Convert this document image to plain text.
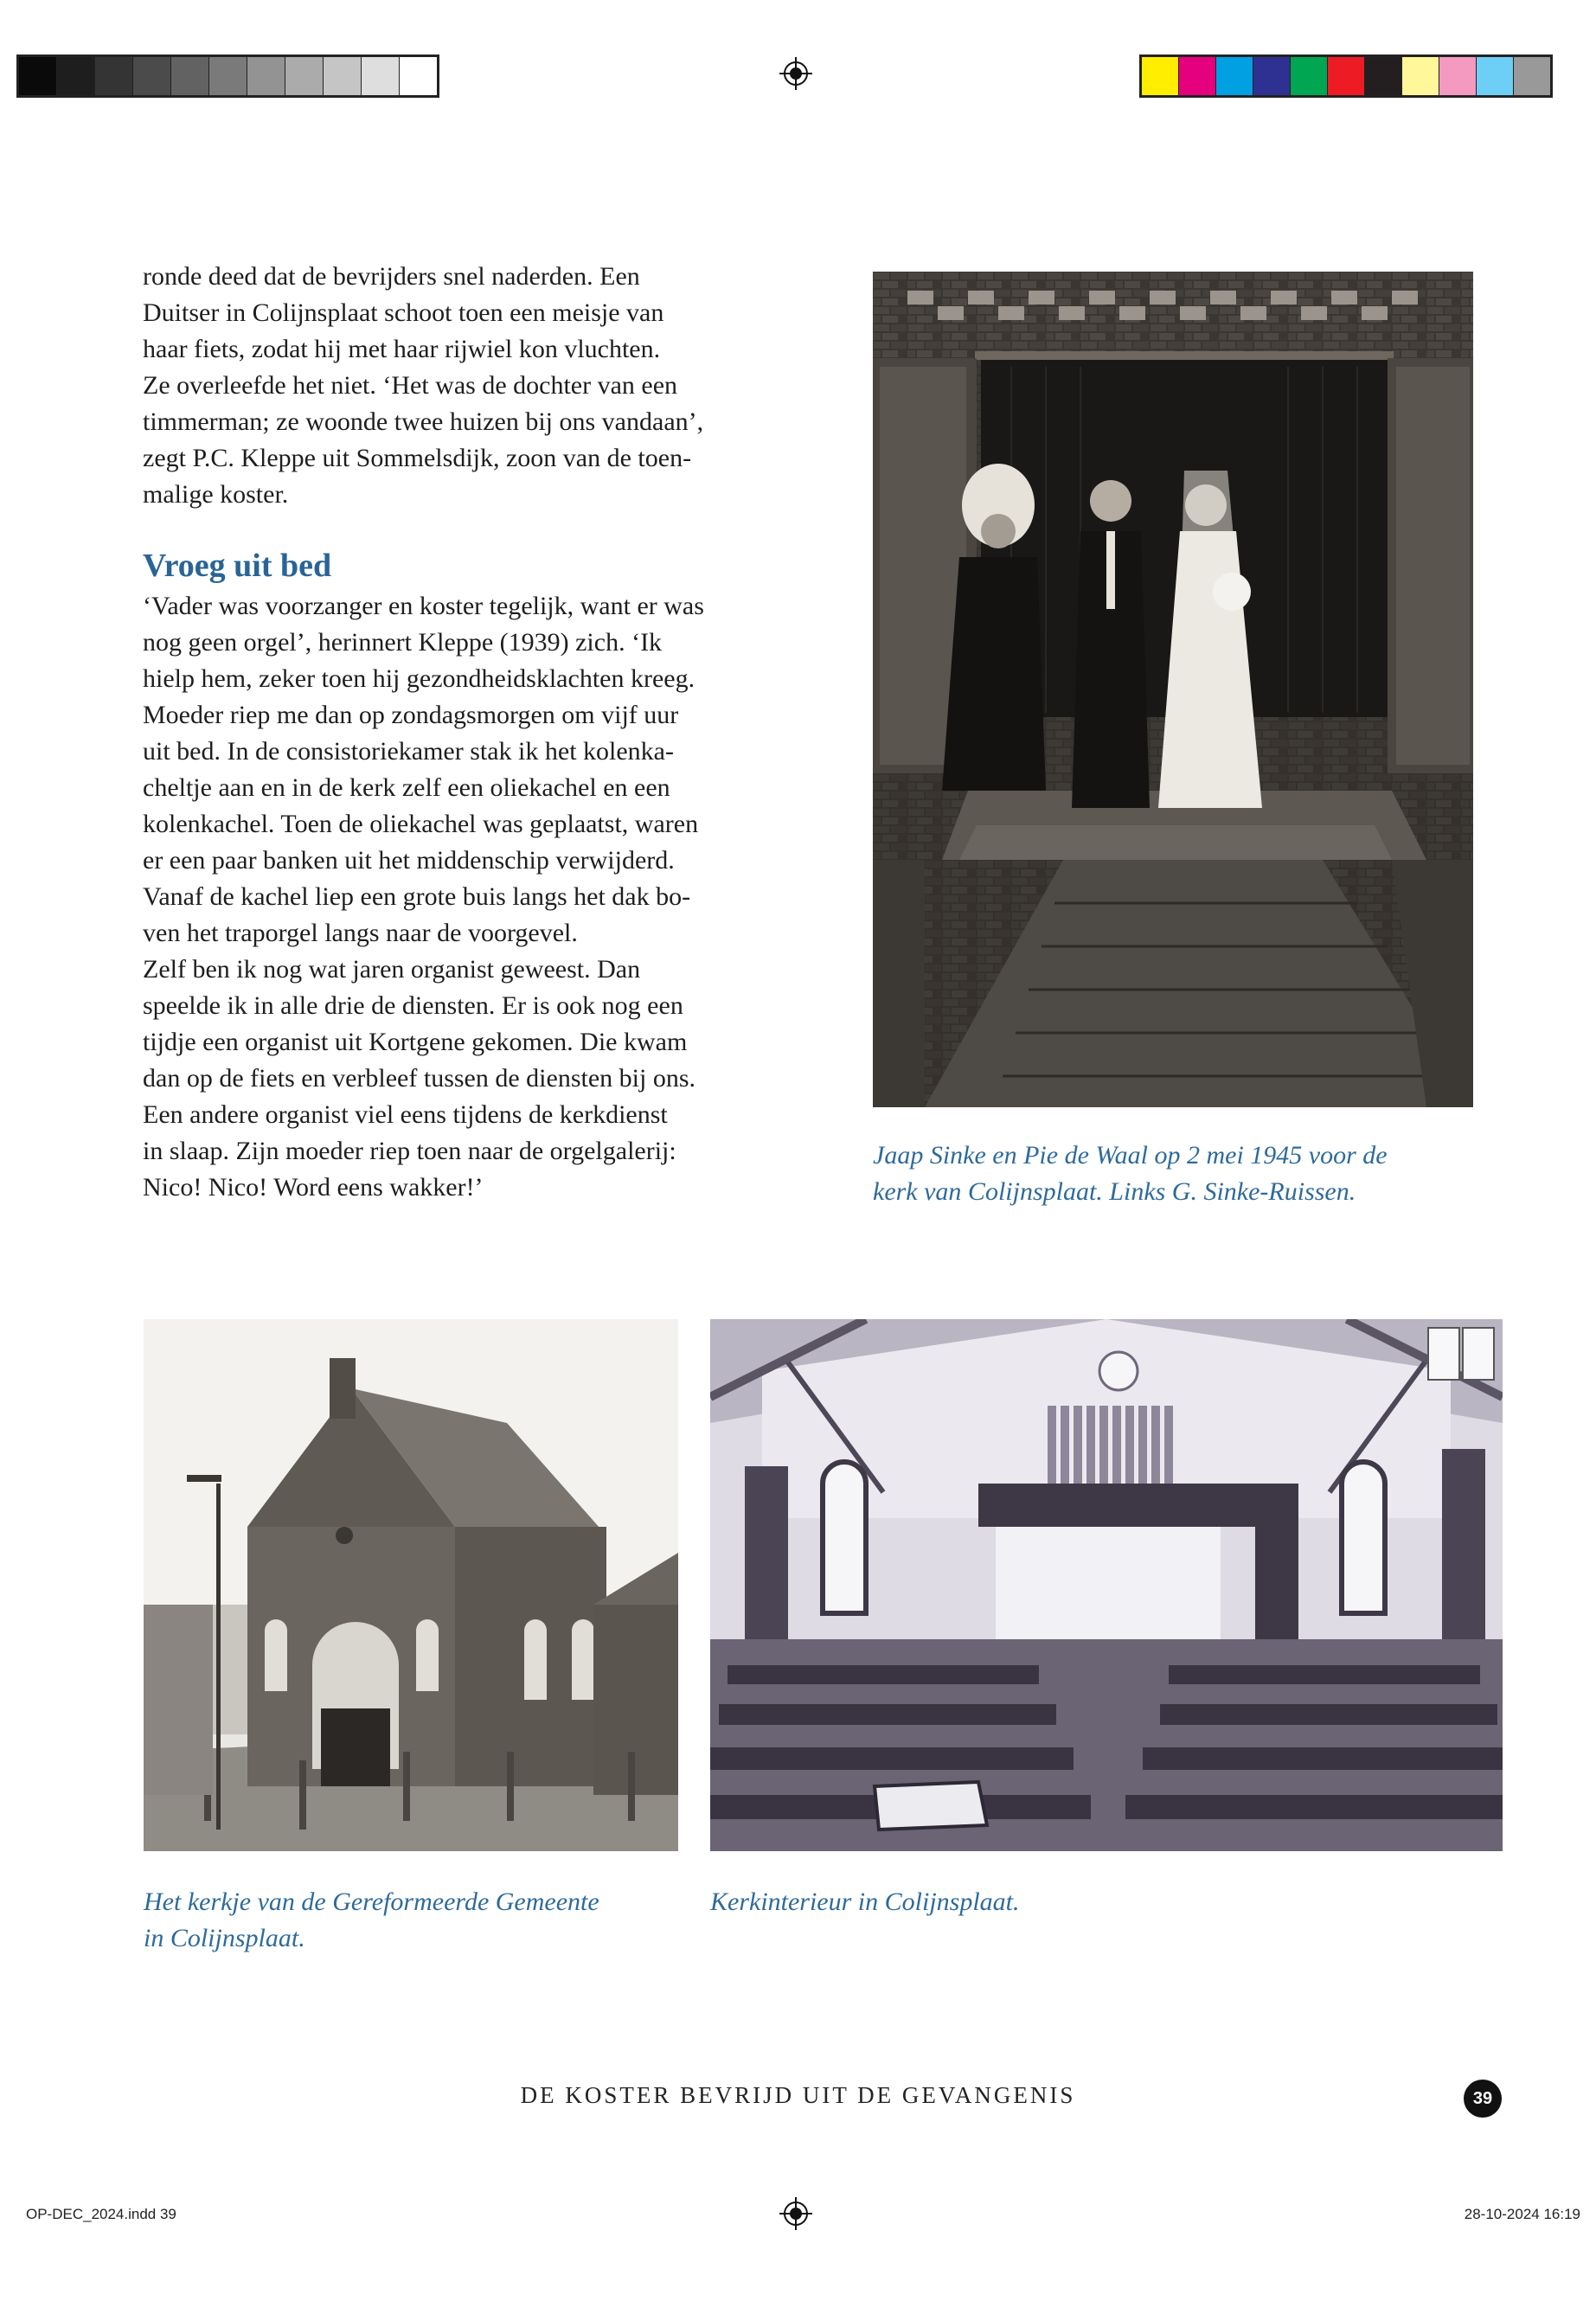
ronde deed dat de bevrijders snel naderden. Een

Duitser in Colijnsplaat schoot toen een meisje van

haar fiets, zodat hij met haar rijwiel kon vluchten.

Ze overleefde het niet. ‘Het was de dochter van een

timmerman; ze woonde twee huizen bij ons vandaan’,

zegt P.C. Kleppe uit Sommelsdijk, zoon van de toen-

malige koster.

Vroeg uit bed

‘Vader was voorzanger en koster tegelijk, want er was

nog geen orgel’, herinnert Kleppe (1939) zich. ‘Ik

hielp hem, zeker toen hij gezondheidsklachten kreeg.

Moeder riep me dan op zondagsmorgen om vijf uur

uit bed. In de consistoriekamer stak ik het kolenka-

cheltje aan en in de kerk zelf een oliekachel en een

kolenkachel. Toen de oliekachel was geplaatst, waren

er een paar banken uit het middenschip verwijderd.

Vanaf de kachel liep een grote buis langs het dak bo-

ven het traporgel langs naar de voorgevel.

Zelf ben ik nog wat jaren organist geweest. Dan

speelde ik in alle drie de diensten. Er is ook nog een

tijdje een organist uit Kortgene gekomen. Die kwam

dan op de fiets en verbleef tussen de diensten bij ons.

Een andere organist viel eens tijdens de kerkdienst

in slaap. Zijn moeder riep toen naar de orgelgalerij:

Nico! Nico! Word eens wakker!’

Jaap Sinke en Pie de Waal op 2 mei 1945 voor de
kerk van Colijnsplaat. Links G. Sinke-Ruissen.
Het kerkje van de Gereformeerde Gemeente
in Colijnsplaat.
Kerkinterieur in Colijnsplaat.
DE KOSTER BEVRIJD UIT DE GEVANGENIS	39
OP-DEC_2024.indd 39	28-10-2024 16:19
